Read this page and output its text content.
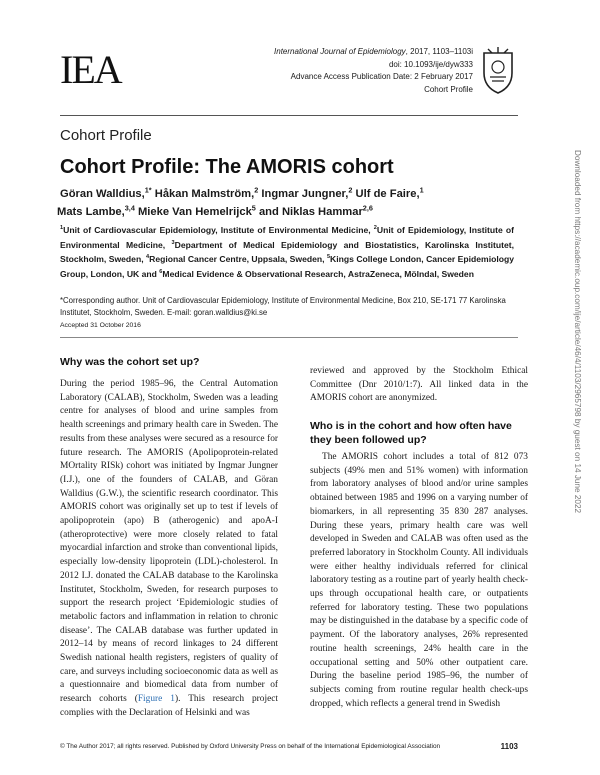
IEA	International Journal of Epidemiology, 2017, 1103–1103i
doi: 10.1093/ije/dyw333
Advance Access Publication Date: 2 February 2017
Cohort Profile
Cohort Profile
Cohort Profile: The AMORIS cohort
Göran Walldius,$^{1*}$ Håkan Malmström,$^2$ Ingmar Jungner,$^2$ Ulf de Faire,$^1$
Mats Lambe,$^{3,4}$ Mieke Van Hemelrijck$^5$ and Niklas Hammar$^{2,6}$
$^1$Unit of Cardiovascular Epidemiology, Institute of Environmental Medicine, $^2$Unit of Epidemiology, Institute of Environmental Medicine, $^3$Department of Medical Epidemiology and Biostatistics, Karolinska Institutet, Stockholm, Sweden, $^4$Regional Cancer Centre, Uppsala, Sweden, $^5$Kings College London, Cancer Epidemiology Group, London, UK and $^6$Medical Evidence & Observational Research, AstraZeneca, Mölndal, Sweden
*Corresponding author. Unit of Cardiovascular Epidemiology, Institute of Environmental Medicine, Box 210, SE-171 77 Karolinska Institutet, Stockholm, Sweden. E-mail: goran.walldius@ki.se
Accepted 31 October 2016
Why was the cohort set up?

During the period 1985–96, the Central Automation Laboratory (CALAB), Stockholm, Sweden was a leading centre for analyses of blood and urine samples from health screenings and primary health care in Sweden. The results from these analyses were secured as a resource for future research. The AMORIS (Apolipoprotein-related MOrtality RISk) cohort was initiated by Ingmar Jungner (I.J.), one of the founders of CALAB, and Göran Walldius (G.W.), the scientific research coordinator. This AMORIS cohort was originally set up to test if levels of apolipoprotein (apo) B (atherogenic) and apoA-I (atheroprotective) were more closely related to fatal myocardial infarction and stroke than conventional lipids, especially low-density lipoprotein (LDL)-cholesterol. In 2012 I.J. donated the CALAB database to the Karolinska Institutet, Stockholm, Sweden, for research purposes to support the research project ‘Epidemiologic studies of metabolic factors and inflammation in relation to chronic disease’. The CALAB database was further updated in 2012–14 by means of record linkages to 24 different Swedish national health registers, registers of quality of care, and surveys including socioeconomic data as well as a questionnaire and biomedical data from number of research cohorts (Figure 1). This research project complies with the Declaration of Helsinki and was

reviewed and approved by the Stockholm Ethical Committee (Dnr 2010/1:7). All linked data in the AMORIS cohort are anonymized.

Who is in the cohort and how often have they been followed up?

The AMORIS cohort includes a total of 812 073 subjects (49% men and 51% women) with information from laboratory analyses of blood and/or urine samples obtained between 1985 and 1996 on a varying number of biomarkers, in all representing 35 830 287 analyses. During these years, primary health care was well developed in Sweden and CALAB was often used as the preferred laboratory in Stockholm County. All individuals were either healthy individuals referred for clinical laboratory testing as a routine part of yearly health check-ups through occupational health care, or outpatients referred for laboratory testing. These two populations may be distinguished in the database by a specific code of payment. Of the laboratory analyses, 26% represented routine health screenings, 24% health care in the occupational setting and 50% other outpatient care. During the baseline period 1985–96, the number of subjects coming from routine regular health check-ups dropped, which reflects a general trend in Swedish

Downloaded from https://academic.oup.com/ije/article/46/4/1103/2965798 by guest on 14 June 2022
© The Author 2017; all rights reserved. Published by Oxford University Press on behalf of the International Epidemiological Association	1103
